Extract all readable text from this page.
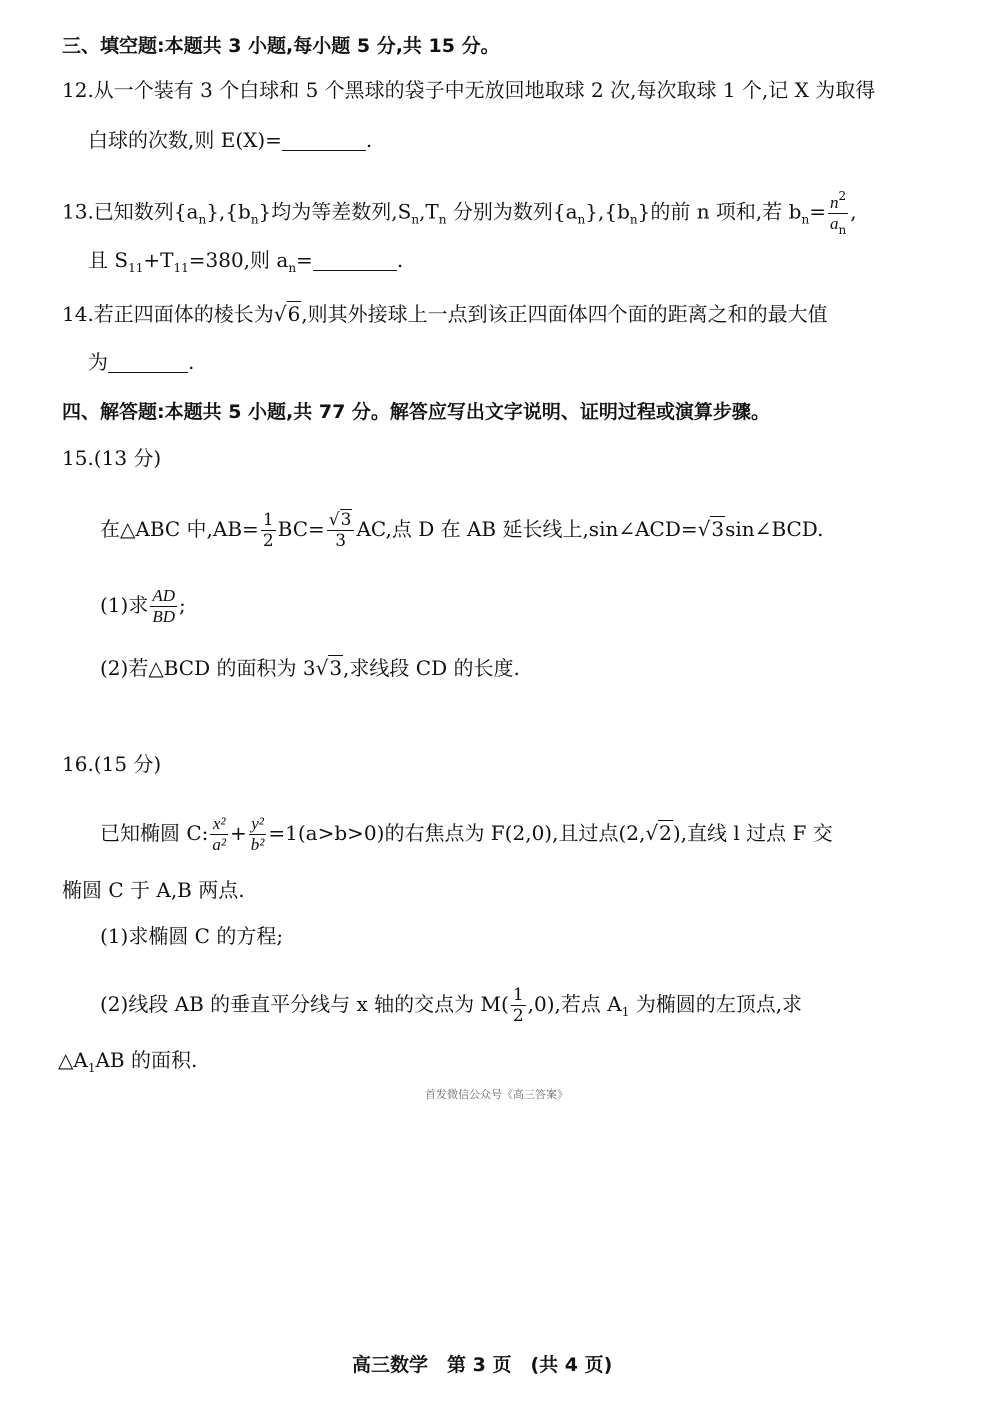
三、填空题:本题共 3 小题,每小题 5 分,共 15 分。
12.从一个装有 3 个白球和 5 个黑球的袋子中无放回地取球 2 次,每次取球 1 个,记 X 为取得
白球的次数,则 E(X)=	.
13.已知数列$\{a_n\},\{b_n\}$均为等差数列$,S_n,T_n$ 分别为数列$\{a_n\},\{b_n\}$的前 n 项和,若 $b_n= \frac{n^2}{a_n}$ ,
且 $S_{11}+T_{11}=380$,则 $a_n=$	.
14.若正四面体的棱长为√6,则其外接球上一点到该正四面体四个面的距离之和的最大值
为	.
四、解答题:本题共 5 小题,共 77 分。解答应写出文字说明、证明过程或演算步骤。
15.(13 分)
在△ABC 中$,AB= \frac{1}{2} BC= \frac{√3}{3}$ AC,点 D 在 AB 延长线上,sin∠ACD=√3sin∠BCD.
(1)求 $\frac{AD}{BD}$ ;
(2)若△BCD 的面积为 3√3,求线段 CD 的长度.
16.(15 分)
已知椭圆 C: $\frac{\text{x²}}{\text{a²}} + \frac{\text{y²}}{\text{b²}} =1(a>b>0)$的右焦点为 F(2,0),且过点(2,√2),直线 l 过点 F 交
椭圆 C 于 A,B 两点.
(1)求椭圆 C 的方程;
(2)线段 AB 的垂直平分线与 x 轴的交点为 $M( \frac{1}{2} ,0)$,若点 $A_1$ 为椭圆的左顶点,求
$\triangle A_1AB$ 的面积.
首发微信公众号《高三答案》
高三数学　第 3 页　(共 4 页)
